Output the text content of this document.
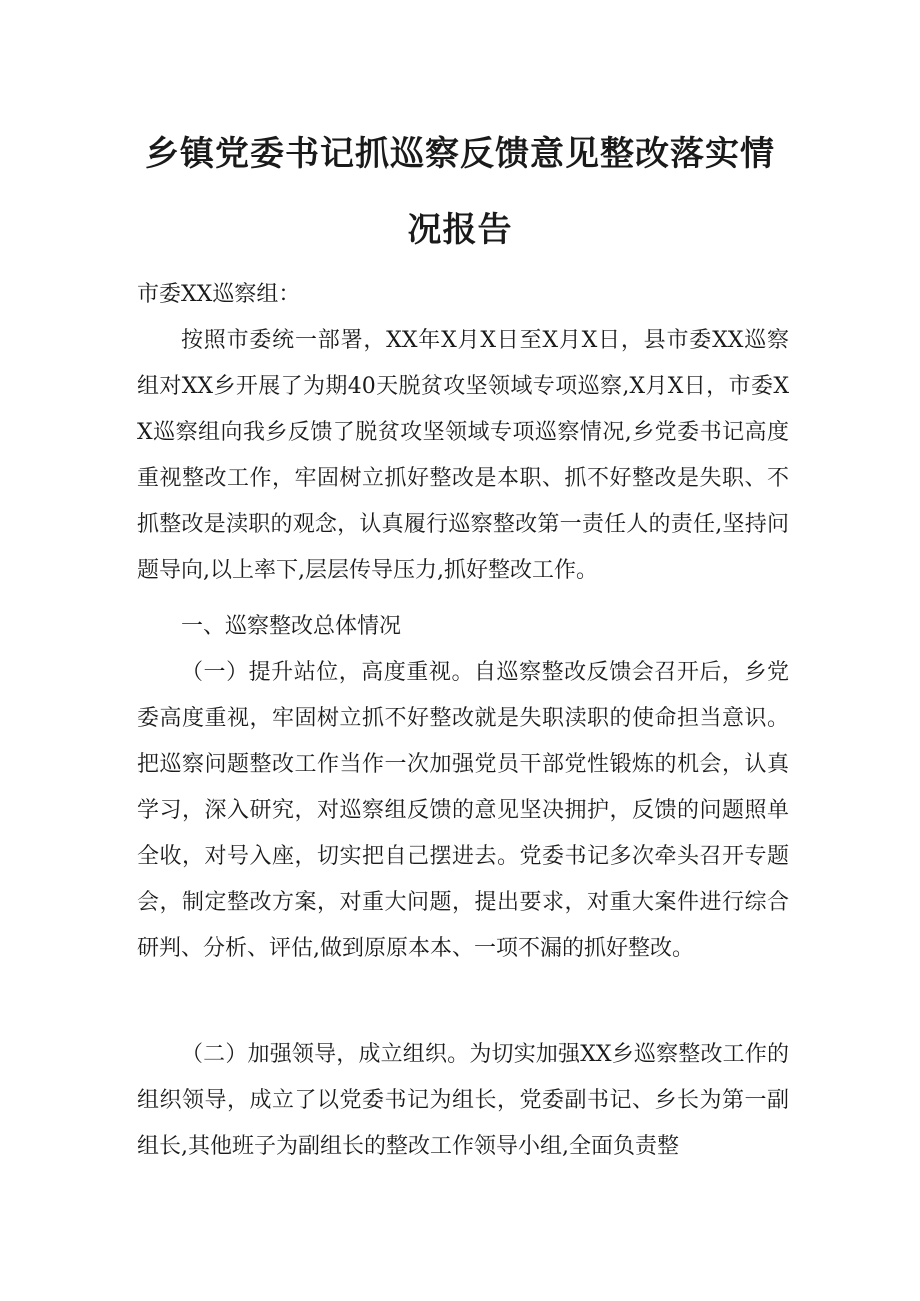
乡镇党委书记抓巡察反馈意见整改落实情
况报告

市委XX巡察组：

按照市委统一部署，XX年X月X日至X月X日，县市委XX巡察组对XX乡开展了为期40天脱贫攻坚领域专项巡察,X月X日，市委XX巡察组向我乡反馈了脱贫攻坚领域专项巡察情况,乡党委书记高度重视整改工作，牢固树立抓好整改是本职、抓不好整改是失职、不抓整改是渎职的观念，认真履行巡察整改第一责任人的责任,坚持问题导向,以上率下,层层传导压力,抓好整改工作。

一、巡察整改总体情况

（一）提升站位，高度重视。自巡察整改反馈会召开后，乡党委高度重视，牢固树立抓不好整改就是失职渎职的使命担当意识。把巡察问题整改工作当作一次加强党员干部党性锻炼的机会，认真学习，深入研究，对巡察组反馈的意见坚决拥护，反馈的问题照单全收，对号入座，切实把自己摆进去。党委书记多次牵头召开专题会，制定整改方案，对重大问题，提出要求，对重大案件进行综合研判、分析、评估,做到原原本本、一项不漏的抓好整改。

（二）加强领导，成立组织。为切实加强XX乡巡察整改工作的组织领导，成立了以党委书记为组长，党委副书记、乡长为第一副组长,其他班子为副组长的整改工作领导小组,全面负责整
